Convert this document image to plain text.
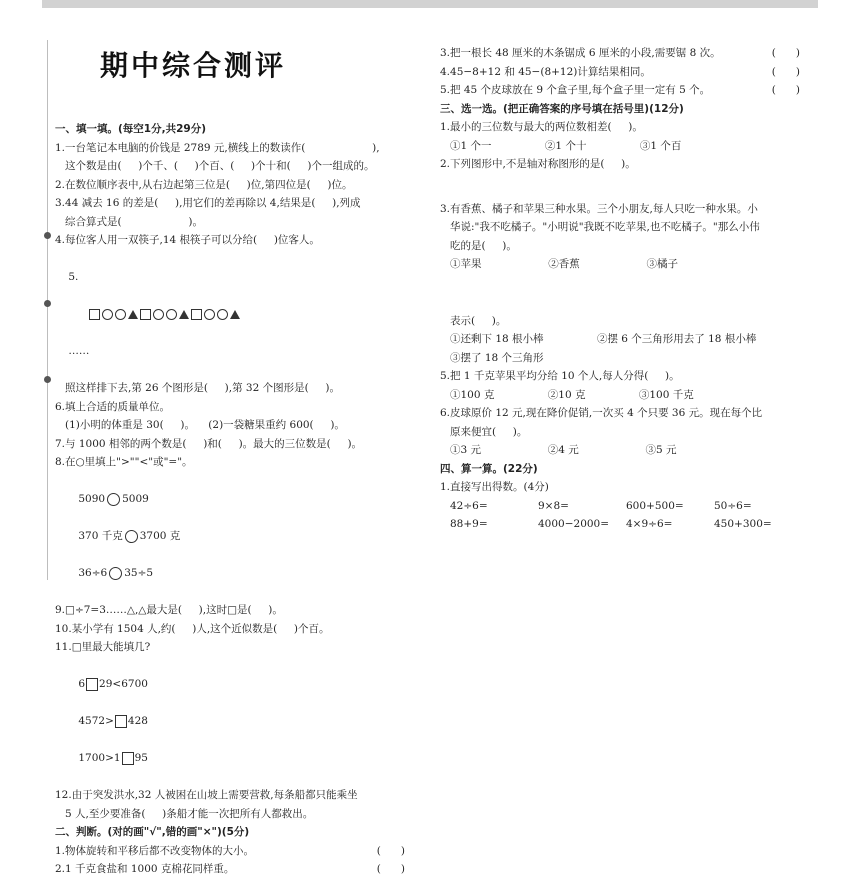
期中综合测评
一、填一填。(每空1分,共29分)
1.一台笔记本电脑的价钱是 2789 元,横线上的数读作(                    ),
这个数是由(     )个千、(     )个百、(     )个十和(     )个一组成的。
2.在数位顺序表中,从右边起第三位是(     )位,第四位是(     )位。
3.44 减去 16 的差是(     ),用它们的差再除以 4,结果是(     ),列成
综合算式是(                    )。
4.每位客人用一双筷子,14 根筷子可以分给(     )位客人。

5.

……

照这样排下去,第 26 个图形是(     ),第 32 个图形是(     )。
6.填上合适的质量单位。
(1)小明的体重是 30(     )。    (2)一袋糖果重约 600(     )。
7.与 1000 相邻的两个数是(     )和(     )。最大的三位数是(     )。
8.在○里填上">""<"或"="。

5090 5009

370 千克 3700 克

36÷6 35÷5

9.□÷7=3……△,△最大是(     ),这时□是(     )。
10.某小学有 1504 人,约(     )人,这个近似数是(     )个百。
11.□里最大能填几?

6 29<6700

4572> 428

1700>1 95

12.由于突发洪水,32 人被困在山坡上需要营救,每条船都只能乘坐
5 人,至少要准备(     )条船才能一次把所有人都救出。
二、判断。(对的画"√",错的画"×")(5分)
1.物体旋转和平移后都不改变物体的大小。	(      )
2.1 千克食盐和 1000 克棉花同样重。	(      )
3.把一根长 48 厘米的木条锯成 6 厘米的小段,需要锯 8 次。	(      )
4.45−8+12 和 45−(8+12)计算结果相同。	(      )
5.把 45 个皮球放在 9 个盒子里,每个盒子里一定有 5 个。	(      )
三、选一选。(把正确答案的序号填在括号里)(12分)
1.最小的三位数与最大的两位数相差(     )。
①1 个一                ②1 个十                ③1 个百
2.下列图形中,不是轴对称图形的是(     )。

3.有香蕉、橘子和苹果三种水果。三个小朋友,每人只吃一种水果。小
华说:"我不吃橘子。"小明说"我既不吃苹果,也不吃橘子。"那么小伟
吃的是(     )。
①苹果                    ②香蕉                    ③橘子

表示(     )。
①还剩下 18 根小棒                ②摆 6 个三角形用去了 18 根小棒
③摆了 18 个三角形
5.把 1 千克苹果平均分给 10 个人,每人分得(     )。
①100 克                ②10 克                ③100 千克
6.皮球原价 12 元,现在降价促销,一次买 4 个只要 36 元。现在每个比
原来便宜(     )。
①3 元                    ②4 元                    ③5 元
四、算一算。(22分)
1.直接写出得数。(4分)
42÷6=	9×8=	600+500=	50÷6=
88+9=	4000−2000= 4×9÷6=	450+300=
